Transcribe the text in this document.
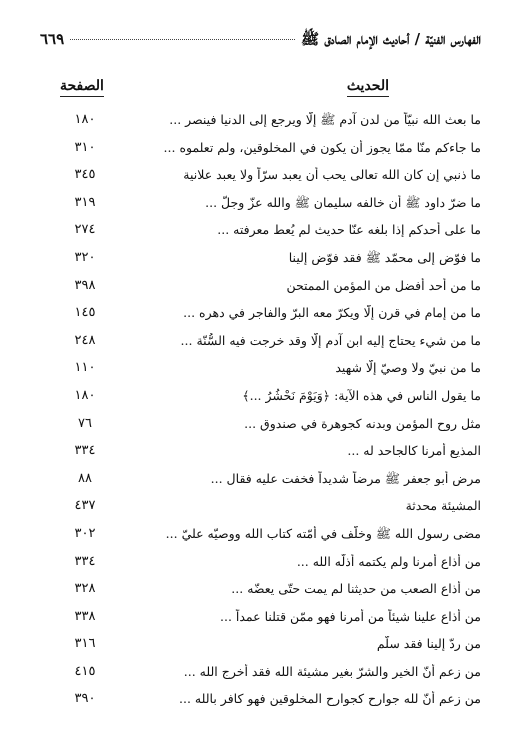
الفهارس الفنيّة / أحاديث الإمام الصادق ﷺ
٦٦٩
الحديث
الصفحة
ما بعث الله نبيّاً من لدن آدم ﷺ إلّا ويرجع إلى الدنيا فينصر ...
١٨٠
ما جاءكم منّا ممّا يجوز أن يكون في المخلوقين، ولم تعلموه ...
٣١٠
ما ذنبي إن كان الله تعالى يحب أن يعبد سرّاً ولا يعبد علانية
٣٤٥
ما ضرّ داود ﷺ أن خالفه سليمان ﷺ والله عزّ وجلّ ...
٣١٩
ما على أحدكم إذا بلغه عنّا حديث لم يُعط معرفته ...
٢٧٤
ما فوّض إلى محمّد ﷺ فقد فوّض إلينا
٣٢٠
ما من أحد أفضل من المؤمن الممتحن
٣٩٨
ما من إمام في قرن إلّا ويكرّ معه البرّ والفاجر في دهره ...
١٤٥
ما من شيء يحتاج إليه ابن آدم إلّا وقد خرجت فيه السُّنّة ...
٢٤٨
ما من نبيّ ولا وصيّ إلّا شهيد
١١٠
ما يقول الناس في هذه الآية: ﴿وَيَوْمَ نَحْشُرُ ...﴾
١٨٠
مثل روح المؤمن وبدنه كجوهرة في صندوق ...
٧٦
المذيع أمرنا كالجاحد له ...
٣٣٤
مرض أبو جعفر ﷺ مرضاً شديداً فخفت عليه فقال ...
٨٨
المشيئة محدثة
٤٣٧
مضى رسول الله ﷺ وخلّف في أُمّته كتاب الله ووصيّه عليّ ...
٣٠٢
من أذاع أمرنا ولم يكتمه أذلّه الله ...
٣٣٤
من أذاع الصعب من حديثنا لم يمت حتّى يعضّه ...
٣٢٨
من أذاع علينا شيئاً من أمرنا فهو ممّن قتلنا عمداً ...
٣٣٨
من ردّ إلينا فقد سلّم
٣١٦
من زعم أنّ الخير والشرّ بغير مشيئة الله فقد أخرج الله ...
٤١٥
من زعم أنّ لله جوارح كجوارح المخلوقين فهو كافر بالله ...
٣٩٠
